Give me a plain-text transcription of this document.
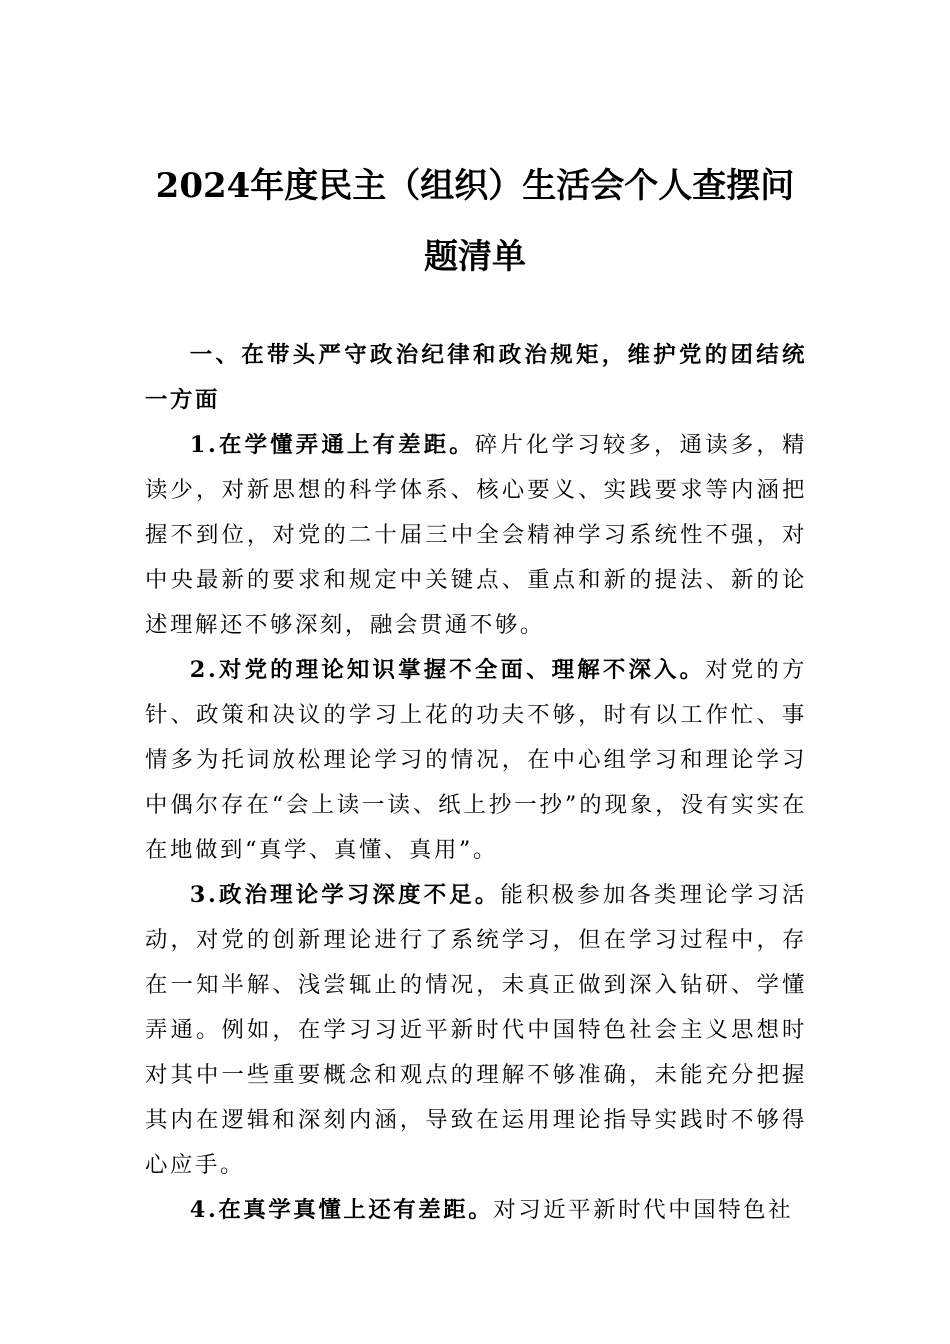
2024年度民主（组织）生活会个人查摆问
题清单

一、在带头严守政治纪律和政治规矩，维护党的团结统一方面

1.在学懂弄通上有差距。碎片化学习较多，通读多，精读少，对新思想的科学体系、核心要义、实践要求等内涵把握不到位，对党的二十届三中全会精神学习系统性不强，对中央最新的要求和规定中关键点、重点和新的提法、新的论述理解还不够深刻，融会贯通不够。

2.对党的理论知识掌握不全面、理解不深入。对党的方针、政策和决议的学习上花的功夫不够，时有以工作忙、事情多为托词放松理论学习的情况，在中心组学习和理论学习中偶尔存在“会上读一读、纸上抄一抄”的现象，没有实实在在地做到“真学、真懂、真用”。

3.政治理论学习深度不足。能积极参加各类理论学习活动，对党的创新理论进行了系统学习，但在学习过程中，存在一知半解、浅尝辄止的情况，未真正做到深入钻研、学懂弄通。例如，在学习习近平新时代中国特色社会主义思想时对其中一些重要概念和观点的理解不够准确，未能充分把握其内在逻辑和深刻内涵，导致在运用理论指导实践时不够得心应手。

4.在真学真懂上还有差距。对习近平新时代中国特色社
